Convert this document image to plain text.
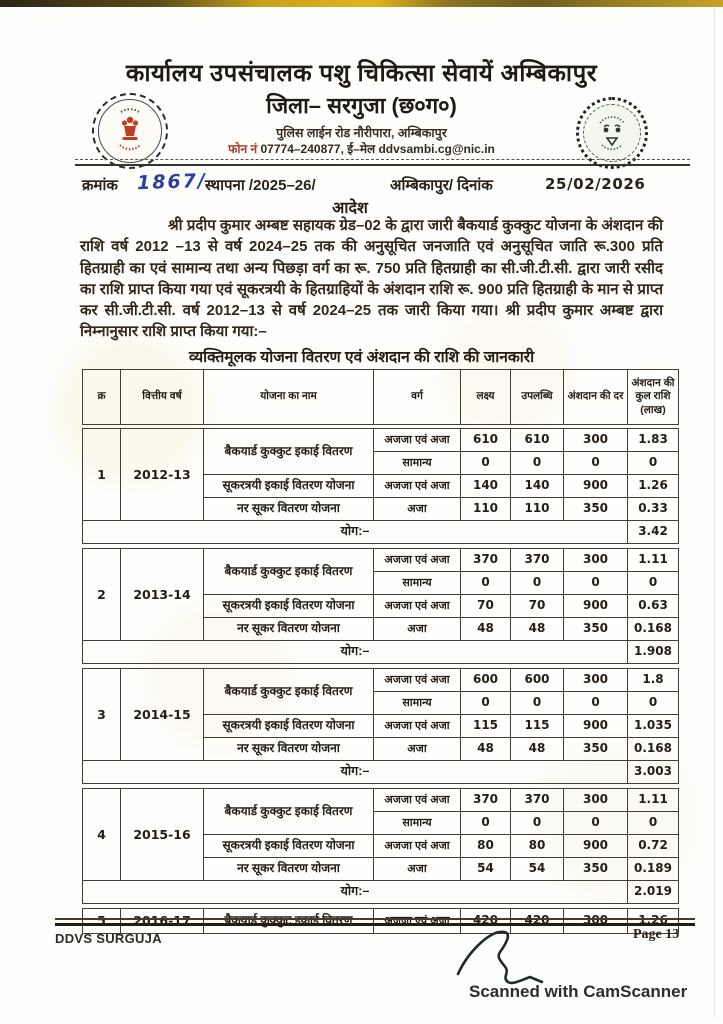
कार्यालय उपसंचालक पशु चिकित्सा सेवायें अम्बिकापुर
जिला– सरगुजा (छ०ग०)
पुलिस लाईन रोड नौरीपारा, अम्बिकापुर
फोन नं 07774–240877, ई–मेल ddvsambi.cg@nic.in
क्रमांक 1867/
स्थापना /2025–26/	अम्बिकापुर/ दिनांक	25/02/2026
आदेश
श्री प्रदीप कुमार अम्बष्ट सहायक ग्रेड–02 के द्वारा जारी बैकयार्ड कुक्कुट योजना के अंशदान की राशि वर्ष 2012 –13 से वर्ष 2024–25 तक की अनुसूचित जनजाति एवं अनुसूचित जाति रू.300 प्रति हितग्राही का एवं सामान्य तथा अन्य पिछड़ा वर्ग का रू. 750 प्रति हितग्राही का सी.जी.टी.सी. द्वारा जारी रसीद का राशि प्राप्त किया गया एवं सूकरत्रयी के हितग्राहियों के अंशदान राशि रू. 900 प्रति हितग्राही के मान से प्राप्त कर सी.जी.टी.सी. वर्ष 2012–13 से वर्ष 2024–25 तक जारी किया गया। श्री प्रदीप कुमार अम्बष्ट द्वारा निम्नानुसार राशि प्राप्त किया गया:–
व्यक्तिमूलक योजना वितरण एवं अंशदान की राशि की जानकारी
क्र	वित्तीय वर्ष	योजना का नाम	वर्ग	लक्ष्य	उपलब्धि	अंशदान की दर	अंशदान की कुल राशि (लाख)
1	2012-13	बैकयार्ड कुक्कुट इकाई वितरण	अजजा एवं अजा	610	610	300	1.83
			सामान्य	0	0	0	0
		सूकरत्रयी इकाई वितरण योजना	अजजा एवं अजा	140	140	900	1.26
		नर सूकर वितरण योजना	अजा	110	110	350	0.33
योग:–							3.42
2	2013-14	बैकयार्ड कुक्कुट इकाई वितरण	अजजा एवं अजा	370	370	300	1.11
			सामान्य	0	0	0	0
		सूकरत्रयी इकाई वितरण योजना	अजजा एवं अजा	70	70	900	0.63
		नर सूकर वितरण योजना	अजा	48	48	350	0.168
योग:–							1.908
3	2014-15	बैकयार्ड कुक्कुट इकाई वितरण	अजजा एवं अजा	600	600	300	1.8
			सामान्य	0	0	0	0
		सूकरत्रयी इकाई वितरण योजना	अजजा एवं अजा	115	115	900	1.035
		नर सूकर वितरण योजना	अजा	48	48	350	0.168
योग:–							3.003
4	2015-16	बैकयार्ड कुक्कुट इकाई वितरण	अजजा एवं अजा	370	370	300	1.11
			सामान्य	0	0	0	0
		सूकरत्रयी इकाई वितरण योजना	अजजा एवं अजा	80	80	900	0.72
		नर सूकर वितरण योजना	अजा	54	54	350	0.189
योग:–							2.019
5	2016-17	बैकयार्ड कुक्कुट इकाई वितरण	अजजा एवं अजा	420	420	300	1.26
DDVS SURGUJA	Page 13
Scanned with CamScanner
